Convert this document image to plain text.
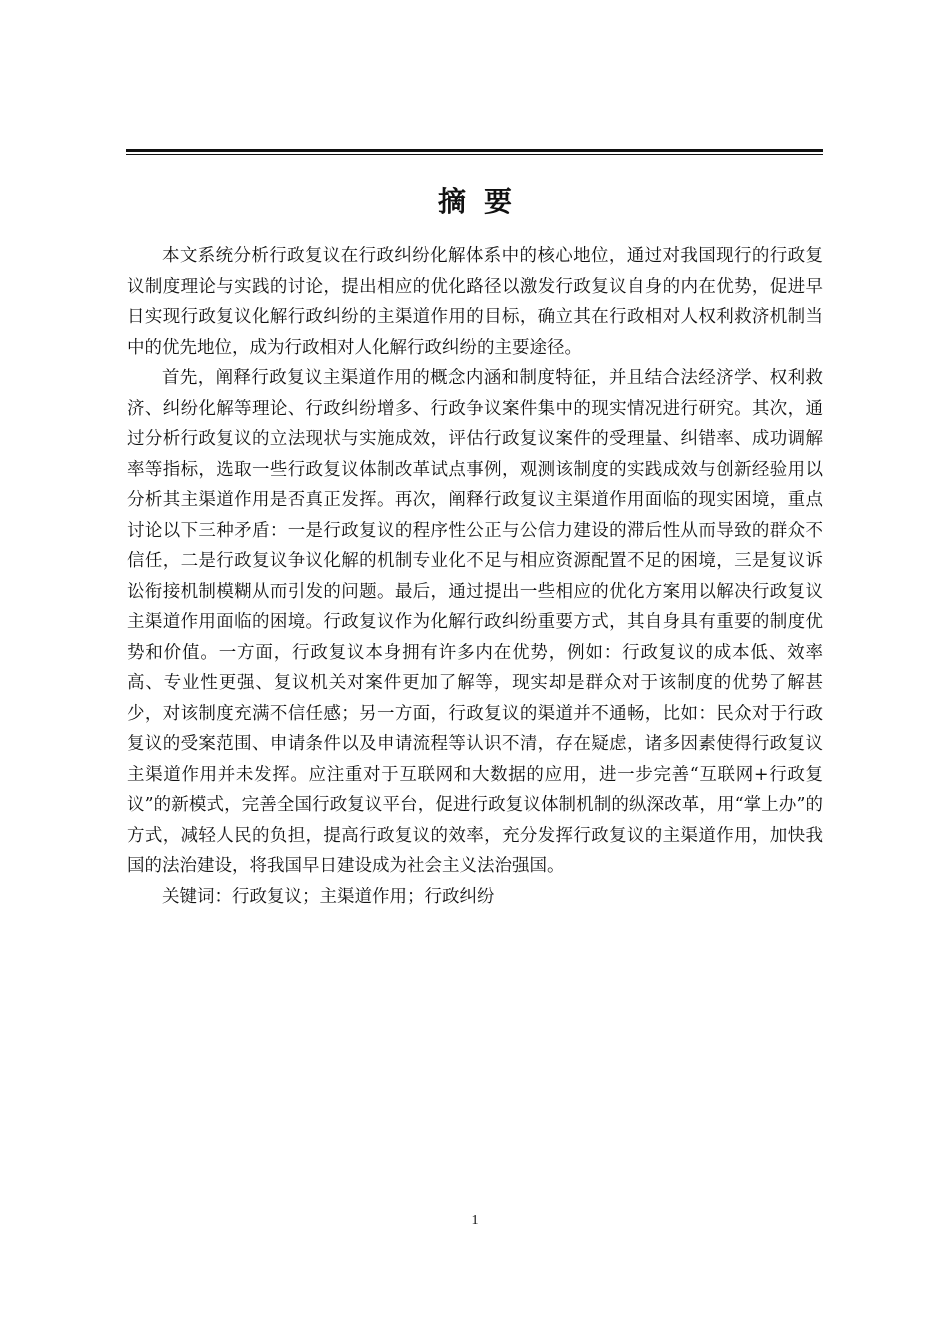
摘要

本文系统分析行政复议在行政纠纷化解体系中的核心地位，通过对我国现行的行政复议制度理论与实践的讨论，提出相应的优化路径以激发行政复议自身的内在优势，促进早日实现行政复议化解行政纠纷的主渠道作用的目标，确立其在行政相对人权利救济机制当中的优先地位，成为行政相对人化解行政纠纷的主要途径。

首先，阐释行政复议主渠道作用的概念内涵和制度特征，并且结合法经济学、权利救济、纠纷化解等理论、行政纠纷增多、行政争议案件集中的现实情况进行研究。其次，通过分析行政复议的立法现状与实施成效，评估行政复议案件的受理量、纠错率、成功调解率等指标，选取一些行政复议体制改革试点事例，观测该制度的实践成效与创新经验用以分析其主渠道作用是否真正发挥。再次，阐释行政复议主渠道作用面临的现实困境，重点讨论以下三种矛盾：一是行政复议的程序性公正与公信力建设的滞后性从而导致的群众不信任，二是行政复议争议化解的机制专业化不足与相应资源配置不足的困境，三是复议诉讼衔接机制模糊从而引发的问题。最后，通过提出一些相应的优化方案用以解决行政复议主渠道作用面临的困境。行政复议作为化解行政纠纷重要方式，其自身具有重要的制度优势和价值。一方面，行政复议本身拥有许多内在优势，例如：行政复议的成本低、效率高、专业性更强、复议机关对案件更加了解等，现实却是群众对于该制度的优势了解甚少，对该制度充满不信任感；另一方面，行政复议的渠道并不通畅，比如：民众对于行政复议的受案范围、申请条件以及申请流程等认识不清，存在疑虑，诸多因素使得行政复议主渠道作用并未发挥。应注重对于互联网和大数据的应用，进一步完善“互联网+行政复议”的新模式，完善全国行政复议平台，促进行政复议体制机制的纵深改革，用“掌上办”的方式，减轻人民的负担，提高行政复议的效率，充分发挥行政复议的主渠道作用，加快我国的法治建设，将我国早日建设成为社会主义法治强国。

关键词：行政复议；主渠道作用；行政纠纷

1
